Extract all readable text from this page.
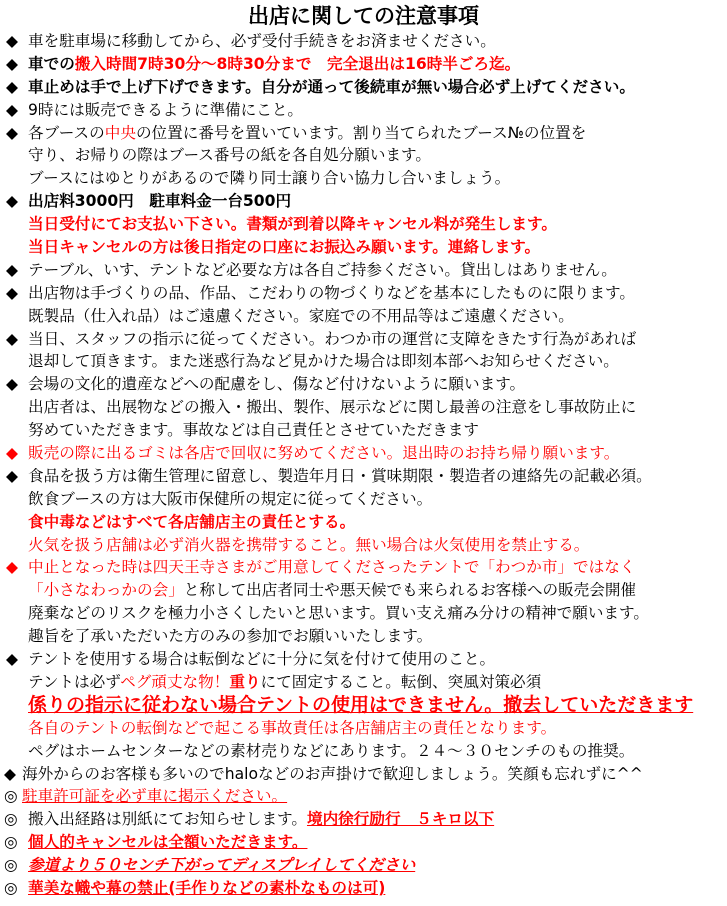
出店に関しての注意事項
◆ 車を駐車場に移動してから、必ず受付手続きをお済ませください。
◆ 車での搬入時間7時30分～8時30分まで　完全退出は16時半ごろ迄。
◆ 車止めは手で上げ下げできます。自分が通って後続車が無い場合必ず上げてください。
◆ 9時には販売できるように準備にこと。
◆ 各ブースの中央の位置に番号を置いています。割り当てられたブース№の位置を
守り、お帰りの際はブース番号の紙を各自処分願います。
ブースにはゆとりがあるので隣り同士譲り合い協力し合いましょう。
◆ 出店料3000円　駐車料金一台500円
当日受付にてお支払い下さい。書類が到着以降キャンセル料が発生します。
当日キャンセルの方は後日指定の口座にお振込み願います。連絡します。
◆ テーブル、いす、テントなど必要な方は各自ご持参ください。貸出しはありません。
◆ 出店物は手づくりの品、作品、こだわりの物づくりなどを基本にしたものに限ります。
既製品（仕入れ品）はご遠慮ください。家庭での不用品等はご遠慮ください。
◆ 当日、スタッフの指示に従ってください。わつか市の運営に支障をきたす行為があれば
退却して頂きます。また迷惑行為など見かけた場合は即刻本部へお知らせください。
◆ 会場の文化的遺産などへの配慮をし、傷など付けないように願います。
出店者は、出展物などの搬入・搬出、製作、展示などに関し最善の注意をし事故防止に
努めていただきます。事故などは自己責任とさせていただきます
◆ 販売の際に出るゴミは各店で回収に努めてください。退出時のお持ち帰り願います。
◆ 食品を扱う方は衛生管理に留意し、製造年月日・賞味期限・製造者の連絡先の記載必須。
飲食ブースの方は大阪市保健所の規定に従ってください。
食中毒などはすべて各店舗店主の責任とする。
火気を扱う店舗は必ず消火器を携帯すること。無い場合は火気使用を禁止する。
◆ 中止となった時は四天王寺さまがご用意してくださったテントで「わつか市」ではなく
「小さなわっかの会」と称して出店者同士や悪天候でも来られるお客様への販売会開催
廃棄などのリスクを極力小さくしたいと思います。買い支え痛み分けの精神で願います。
趣旨を了承いただいた方のみの参加でお願いいたします。
◆ テントを使用する場合は転倒などに十分に気を付けて使用のこと。
テントは必ずペグ頑丈な物！重りにて固定すること。転倒、突風対策必須
係りの指示に従わない場合テントの使用はできません。撤去していただきます
各自のテントの転倒などで起こる事故責任は各店舗店主の責任となります。
ペグはホームセンターなどの素材売りなどにあります。２４～３０センチのもの推奨。
◆ 海外からのお客様も多いのでhaloなどのお声掛けで歓迎しましょう。笑顔も忘れずに^^
◎ 駐車許可証を必ず車に掲示ください。
◎ 搬入出経路は別紙にてお知らせします。境内徐行励行　５キロ以下
◎ 個人的キャンセルは全額いただきます。
◎ 参道より５０センチ下がってディスプレイしてください
◎ 華美な幟や幕の禁止(手作りなどの素朴なものは可)
